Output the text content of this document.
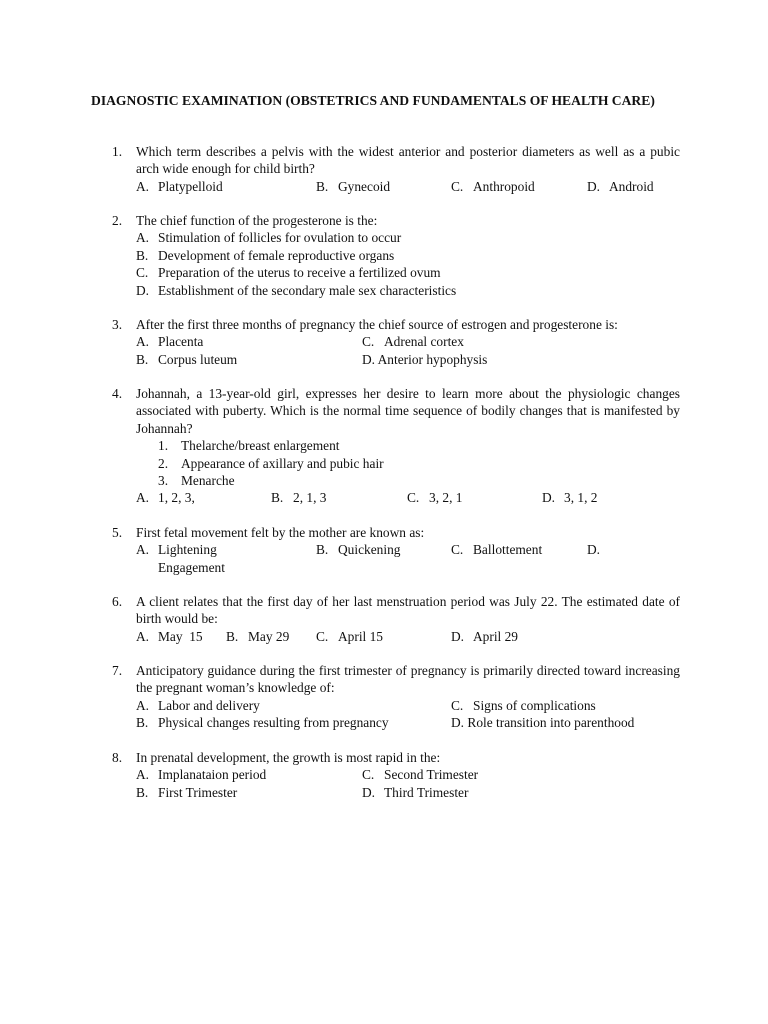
DIAGNOSTIC EXAMINATION (OBSTETRICS AND FUNDAMENTALS OF HEALTH CARE)
1. Which term describes a pelvis with the widest anterior and posterior diameters as well as a pubic arch wide enough for child birth?
A. Platypelloid	B. Gynecoid	C. Anthropoid	D. Android
2. The chief function of the progesterone is the:
A. Stimulation of follicles for ovulation to occur
B. Development of female reproductive organs
C. Preparation of the uterus to receive a fertilized ovum
D. Establishment of the secondary male sex characteristics
3. After the first three months of pregnancy the chief source of estrogen and progesterone is:
A. Placenta	C. Adrenal cortex
B. Corpus luteum	D. Anterior hypophysis
4. Johannah, a 13-year-old girl, expresses her desire to learn more about the physiologic changes associated with puberty. Which is the normal time sequence of bodily changes that is manifested by Johannah?
1. Thelarche/breast enlargement
2. Appearance of axillary and pubic hair
3. Menarche
A. 1, 2, 3,	B. 2, 1, 3	C. 3, 2, 1	D. 3, 1, 2
5. First fetal movement felt by the mother are known as:
A. Lightening	B. Quickening	C. Ballottement	D.
Engagement
6. A client relates that the first day of her last menstruation period was July 22. The estimated date of birth would be:
A. May  15 B. May 29 C. April 15	D. April 29
7. Anticipatory guidance during the first trimester of pregnancy is primarily directed toward increasing the pregnant woman’s knowledge of:
A. Labor and delivery	C. Signs of complications
B. Physical changes resulting from pregnancy	D. Role transition into parenthood
8. In prenatal development, the growth is most rapid in the:
A. Implanataion period	C. Second Trimester
B. First Trimester	D. Third Trimester
